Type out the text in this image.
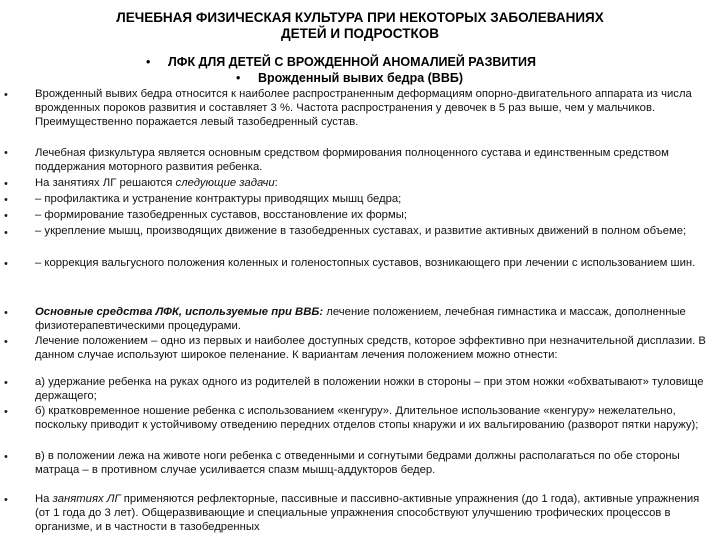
ЛЕЧЕБНАЯ ФИЗИЧЕСКАЯ КУЛЬТУРА ПРИ НЕКОТОРЫХ ЗАБОЛЕВАНИЯХ
ДЕТЕЙ И ПОДРОСТКОВ
• ЛФК ДЛЯ ДЕТЕЙ С ВРОЖДЕННОЙ АНОМАЛИЕЙ РАЗВИТИЯ
• Врожденный вывих бедра (ВВБ)
•
•
•
•
•
•
•
•
•
•
•
•
•
Врожденный вывих бедра относится к наиболее распространенным деформациям опорно-двигательного аппарата из числа врожденных пороков развития и составляет 3 %. Частота распространения у девочек в 5 раз выше, чем у мальчиков. Преимущественно поражается левый тазобедренный сустав.
Лечебная физкультура является основным средством формирования полноценного сустава и единственным средством поддержания моторного развития ребенка.
На занятиях ЛГ решаются следующие задачи:
– профилактика и устранение контрактуры приводящих мышц бедра;
– формирование тазобедренных суставов, восстановление их формы;
– укрепление мышц, производящих движение в тазобедренных суставах, и развитие активных движений в полном объеме;
– коррекция вальгусного положения коленных и голеностопных суставов, возникающего при лечении с использованием шин.
Основные средства ЛФК, используемые при ВВБ: лечение положением, лечебная гимнастика и массаж, дополненные физиотерапевтическими процедурами.
Лечение положением – одно из первых и наиболее доступных средств, которое эффективно при незначительной дисплазии. В данном случае используют широкое пеленание. К вариантам лечения положением можно отнести:
а) удержание ребенка на руках одного из родителей в положении ножки в стороны – при этом ножки «обхватывают» туловище держащего;
б) кратковременное ношение ребенка с использованием «кенгуру». Длительное использование «кенгуру» нежелательно, поскольку приводит к устойчивому отведению передних отделов стопы кнаружи и их вальгированию (разворот пятки наружу);
в) в положении лежа на животе ноги ребенка с отведенными и согнутыми бедрами должны располагаться по обе стороны матраца – в противном случае усиливается спазм мышц-аддукторов бедер.
На занятиях ЛГ применяются рефлекторные, пассивные и пассивно-активные упражнения (до 1 года), активные упражнения (от 1 года до 3 лет). Общеразвивающие и специальные упражнения способствуют улучшению трофических процессов в организме, и в частности в тазобедренных
